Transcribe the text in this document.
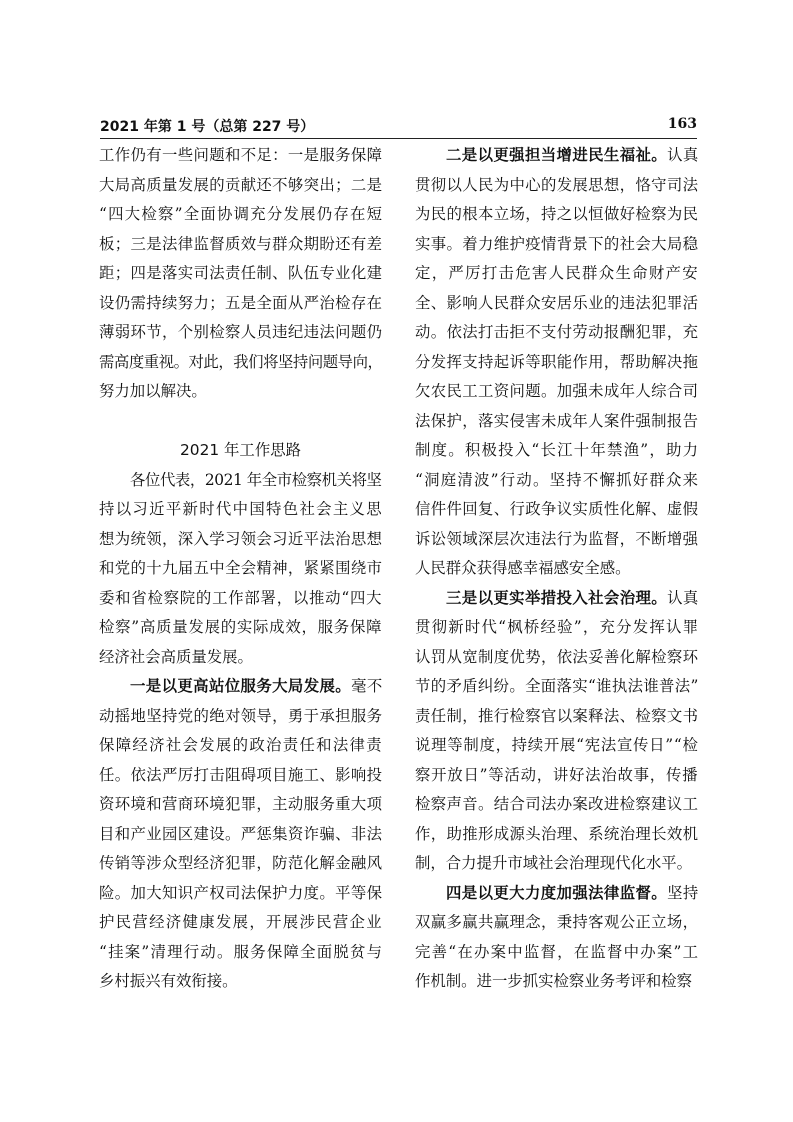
2021 年第 1 号（总第 227 号）	163
工作仍有一些问题和不足：一是服务保障
大局高质量发展的贡献还不够突出；二是
“四大检察”全面协调充分发展仍存在短
板；三是法律监督质效与群众期盼还有差
距；四是落实司法责任制、队伍专业化建
设仍需持续努力；五是全面从严治检存在
薄弱环节，个别检察人员违纪违法问题仍
需高度重视。对此，我们将坚持问题导向，
努力加以解决。
2021 年工作思路
各位代表，2021 年全市检察机关将坚
持以习近平新时代中国特色社会主义思
想为统领，深入学习领会习近平法治思想
和党的十九届五中全会精神，紧紧围绕市
委和省检察院的工作部署，以推动“四大
检察”高质量发展的实际成效，服务保障
经济社会高质量发展。
一是以更高站位服务大局发展。毫不
动摇地坚持党的绝对领导，勇于承担服务
保障经济社会发展的政治责任和法律责
任。依法严厉打击阻碍项目施工、影响投
资环境和营商环境犯罪，主动服务重大项
目和产业园区建设。严惩集资诈骗、非法
传销等涉众型经济犯罪，防范化解金融风
险。加大知识产权司法保护力度。平等保
护民营经济健康发展，开展涉民营企业
“挂案”清理行动。服务保障全面脱贫与
乡村振兴有效衔接。
二是以更强担当增进民生福祉。认真
贯彻以人民为中心的发展思想，恪守司法
为民的根本立场，持之以恒做好检察为民
实事。着力维护疫情背景下的社会大局稳
定，严厉打击危害人民群众生命财产安
全、影响人民群众安居乐业的违法犯罪活
动。依法打击拒不支付劳动报酬犯罪，充
分发挥支持起诉等职能作用，帮助解决拖
欠农民工工资问题。加强未成年人综合司
法保护，落实侵害未成年人案件强制报告
制度。积极投入“长江十年禁渔”，助力
“洞庭清波”行动。坚持不懈抓好群众来
信件件回复、行政争议实质性化解、虚假
诉讼领域深层次违法行为监督，不断增强
人民群众获得感幸福感安全感。
三是以更实举措投入社会治理。认真
贯彻新时代“枫桥经验”，充分发挥认罪
认罚从宽制度优势，依法妥善化解检察环
节的矛盾纠纷。全面落实“谁执法谁普法”
责任制，推行检察官以案释法、检察文书
说理等制度，持续开展“宪法宣传日”“检
察开放日”等活动，讲好法治故事，传播
检察声音。结合司法办案改进检察建议工
作，助推形成源头治理、系统治理长效机
制，合力提升市域社会治理现代化水平。
四是以更大力度加强法律监督。坚持
双赢多赢共赢理念，秉持客观公正立场，
完善“在办案中监督，在监督中办案”工
作机制。进一步抓实检察业务考评和检察
